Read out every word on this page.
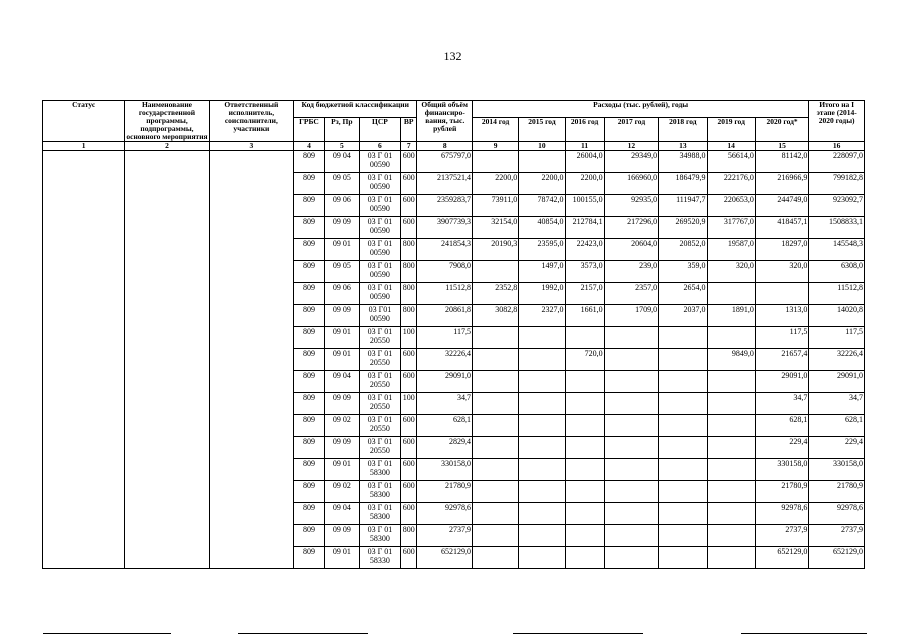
132
Статус	Наименование государственной программы, подпрограммы, основного мероприятия	Ответственный исполнитель, соисполнители, участники	Код бюджетной классификации				Общий объём финансиро-вания, тыс. рублей	Расходы (тыс. рублей), годы							Итого на I этапе (2014-2020 годы)
			ГРБС	Рз, Пр	ЦСР	ВР		2014 год	2015 год	2016 год	2017 год	2018 год	2019 год	2020 год*	
1	2	3	4	5	6	7	8	9	10	11	12	13	14	15	16
			809	09 04	03 Г 01 00590	600	675797,0			26004,0	29349,0	34988,0	56614,0	81142,0	228097,0
			809	09 05	03 Г 01 00590	600	2137521,4	2200,0	2200,0	2200,0	166960,0	186479,9	222176,0	216966,9	799182,8
			809	09 06	03 Г 01 00590	600	2359283,7	73911,0	78742,0	100155,0	92935,0	111947,7	220653,0	244749,0	923092,7
			809	09 09	03 Г 01 00590	600	3907739,3	32154,0	40854,0	212784,1	217296,0	269520,9	317767,0	418457,1	1508833,1
			809	09 01	03 Г 01 00590	800	241854,3	20190,3	23595,0	22423,0	20604,0	20852,0	19587,0	18297,0	145548,3
			809	09 05	03 Г 01 00590	800	7908,0		1497,0	3573,0	239,0	359,0	320,0	320,0	6308,0
			809	09 06	03 Г 01 00590	800	11512,8	2352,8	1992,0	2157,0	2357,0	2654,0			11512,8
			809	09 09	03 Г01 00590	800	20861,8	3082,8	2327,0	1661,0	1709,0	2037,0	1891,0	1313,0	14020,8
			809	09 01	03 Г 01 20550	100	117,5							117,5	117,5
			809	09 01	03 Г 01 20550	600	32226,4			720,0			9849,0	21657,4	32226,4
			809	09 04	03 Г 01 20550	600	29091,0							29091,0	29091,0
			809	09 09	03 Г 01 20550	100	34,7							34,7	34,7
			809	09 02	03 Г 01 20550	600	628,1							628,1	628,1
			809	09 09	03 Г 01 20550	600	2829,4							229,4	229,4
			809	09 01	03 Г 01 58300	600	330158,0							330158,0	330158,0
			809	09 02	03 Г 01 58300	600	21780,9							21780,9	21780,9
			809	09 04	03 Г 01 58300	600	92978,6							92978,6	92978,6
			809	09 09	03 Г 01 58300	800	2737,9							2737,9	2737,9
			809	09 01	03 Г 01 58330	600	652129,0							652129,0	652129,0
